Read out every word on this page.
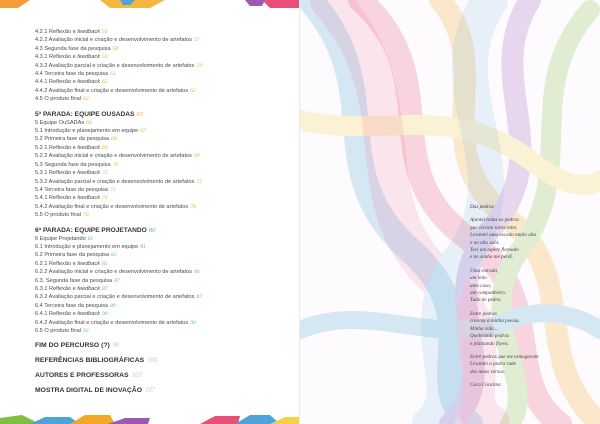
4.2.1 Reflexão e feedback 56
4.2.2 Avaliação inicial e criação e desenvolvimento de artefatos 57
4.3 Segunda fase da pesquisa 58
4.3.1 Reflexão e feedback 59
4.3.2 Avaliação parcial e criação e desenvolvimento de artefatos 59
4.4 Terceira fase da pesquisa 61
4.4.1 Reflexão e feedback 62
4.4.2 Avaliação final e criação e desenvolvimento de artefatos 62
4.5 O produto final 63
5ª PARADA: EQUIPE OUSADAS 65
5 Equipe OuSADAs 66
5.1 Introdução e planejamento em equipe 67
5.2 Primeira fase da pesquisa 68
5.2.1 Reflexão e feedback 69
5.2.2 Avaliação inicial e criação e desenvolvimento de artefatos 69
5.3 Segunda fase da pesquisa 70
5.3.1 Reflexão e feedback 72
5.3.2 Avaliação parcial e criação e desenvolvimento de artefatos 72
5.4 Terceira fase da pesquisa 73
5.4.1 Reflexão e feedback 74
5.4.2 Avaliação final e criação e desenvolvimento de artefatos 76
5.5 O produto final 78
6ª PARADA: EQUIPE PROJETANDO 80
6 Equipe Projetando 81
6.1 Introdução e planejamento em equipe 81
6.2 Primeira fase da pesquisa 82
6.2.1 Reflexão e feedback 83
6.2.2 Avaliação inicial e criação e desenvolvimento de artefatos 84
6.3. Segunda fase da pesquisa 87
6.3.1 Reflexão e feedback 87
6.3.2 Avaliação parcial e criação e desenvolvimento de artefatos 87
6.4 Terceira fase da pesquisa 89
6.4.1 Reflexão e feedback 90
6.4.2 Avaliação final e criação e desenvolvimento de artefatos 90
6.5 O produto final 92
FIM DO PERCURSO (?) 96
REFERÊNCIAS BIBLIOGRÁFICAS 100
AUTORES E PROFESSORAS 103
MOSTRA DIGITAL DE INOVAÇÃO 107
Das pedras
Ajuntei todas as pedras
que vieram sobre mim.
Levantei uma escada muito alta
e no alto subi.
Teci um tapete floreado
e no sonho me perdi.
Uma estrada,
um leito
uma casa,
um companheiro.
Tudo de pedra.
Entre pedras
cresceu a minha poesia.
Minha vida...
Quebrando pedras
e plantando flores.
Entre pedras que me esmagavam
Levantei a pedra rude
dos meus versos.
Cora Coralina
